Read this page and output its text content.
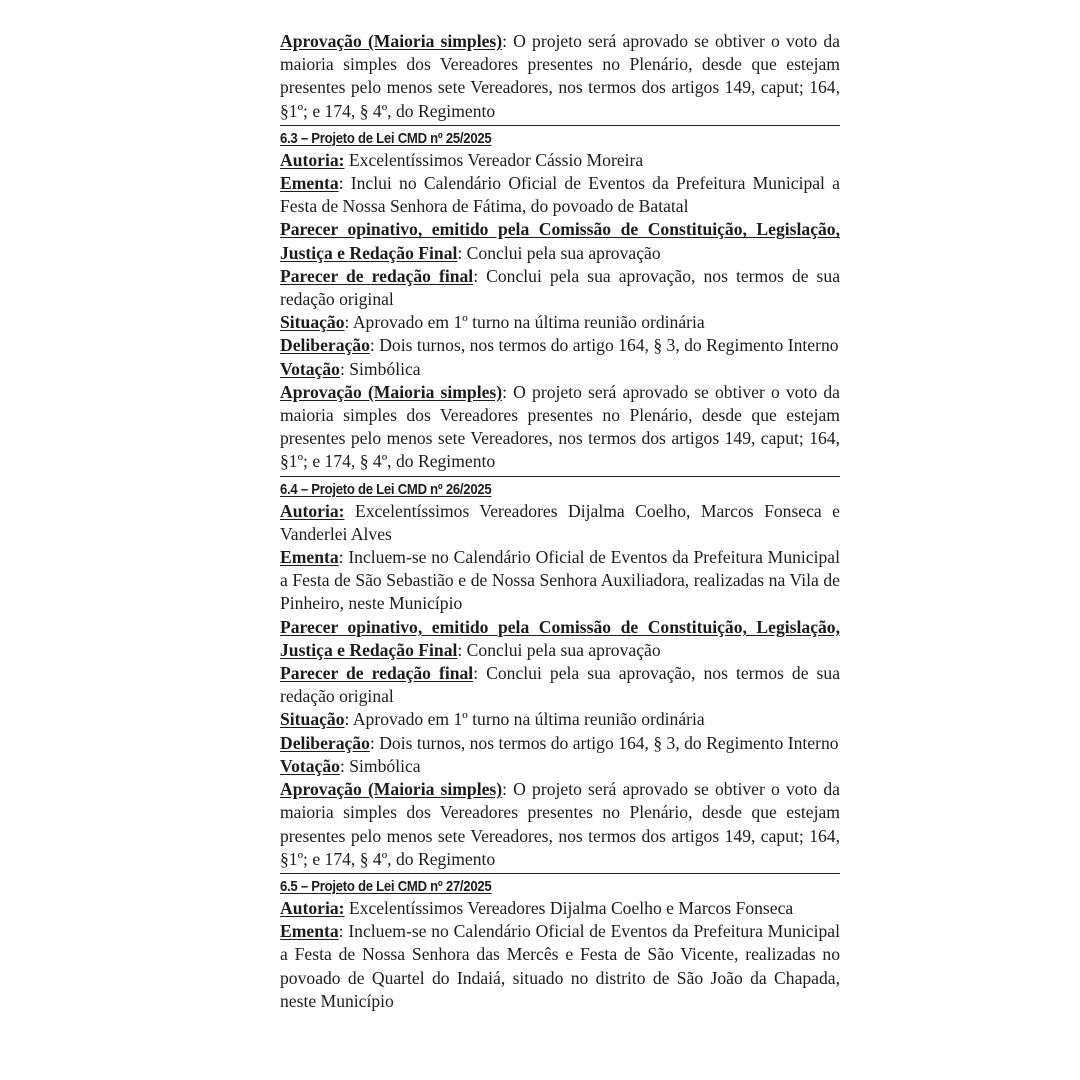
Aprovação (Maioria simples): O projeto será aprovado se obtiver o voto da maioria simples dos Vereadores presentes no Plenário, desde que estejam presentes pelo menos sete Vereadores, nos termos dos artigos 149, caput; 164, §1º; e 174, § 4º, do Regimento

6.3 – Projeto de Lei CMD nº 25/2025

Autoria: Excelentíssimos Vereador Cássio Moreira

Ementa: Inclui no Calendário Oficial de Eventos da Prefeitura Municipal a Festa de Nossa Senhora de Fátima, do povoado de Batatal

Parecer opinativo, emitido pela Comissão de Constituição, Legislação, Justiça e Redação Final: Conclui pela sua aprovação

Parecer de redação final: Conclui pela sua aprovação, nos termos de sua redação original

Situação: Aprovado em 1º turno na última reunião ordinária

Deliberação: Dois turnos, nos termos do artigo 164, § 3, do Regimento Interno

Votação: Simbólica

Aprovação (Maioria simples): O projeto será aprovado se obtiver o voto da maioria simples dos Vereadores presentes no Plenário, desde que estejam presentes pelo menos sete Vereadores, nos termos dos artigos 149, caput; 164, §1º; e 174, § 4º, do Regimento

6.4 – Projeto de Lei CMD nº 26/2025

Autoria: Excelentíssimos Vereadores Dijalma Coelho, Marcos Fonseca e Vanderlei Alves

Ementa: Incluem-se no Calendário Oficial de Eventos da Prefeitura Municipal a Festa de São Sebastião e de Nossa Senhora Auxiliadora, realizadas na Vila de Pinheiro, neste Município

Parecer opinativo, emitido pela Comissão de Constituição, Legislação, Justiça e Redação Final: Conclui pela sua aprovação

Parecer de redação final: Conclui pela sua aprovação, nos termos de sua redação original

Situação: Aprovado em 1º turno na última reunião ordinária

Deliberação: Dois turnos, nos termos do artigo 164, § 3, do Regimento Interno

Votação: Simbólica

Aprovação (Maioria simples): O projeto será aprovado se obtiver o voto da maioria simples dos Vereadores presentes no Plenário, desde que estejam presentes pelo menos sete Vereadores, nos termos dos artigos 149, caput; 164, §1º; e 174, § 4º, do Regimento

6.5 – Projeto de Lei CMD nº 27/2025

Autoria: Excelentíssimos Vereadores Dijalma Coelho e Marcos Fonseca

Ementa: Incluem-se no Calendário Oficial de Eventos da Prefeitura Municipal a Festa de Nossa Senhora das Mercês e Festa de São Vicente, realizadas no povoado de Quartel do Indaiá, situado no distrito de São João da Chapada, neste Município
